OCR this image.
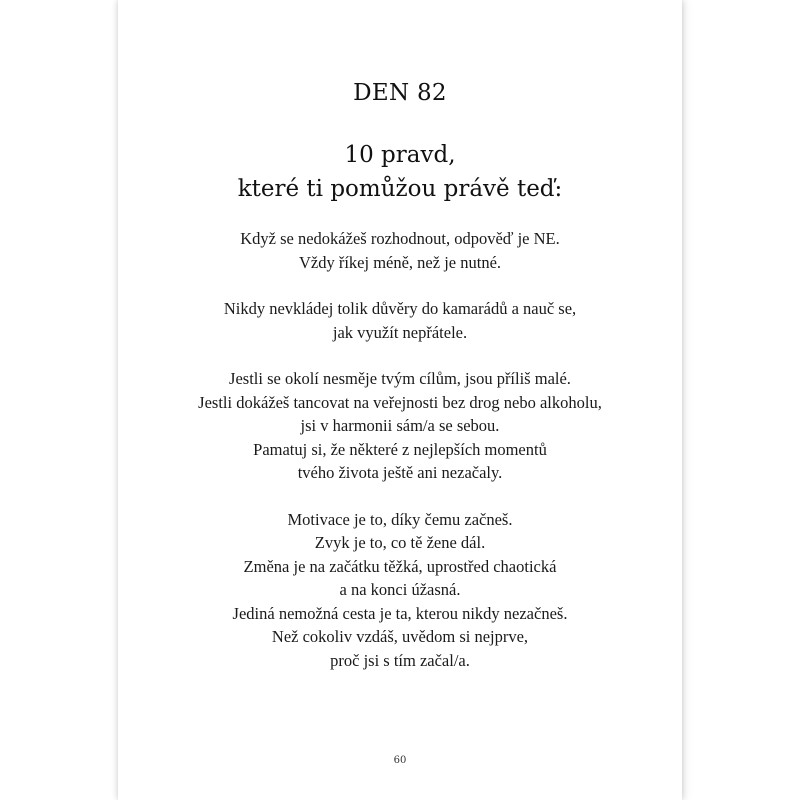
DEN 82
10 pravd,
které ti pomůžou právě teď:

Když se nedokážeš rozhodnout, odpověď je NE.
Vždy říkej méně, než je nutné.

Nikdy nevkládej tolik důvěry do kamarádů a nauč se,
jak využít nepřátele.

Jestli se okolí nesměje tvým cílům, jsou příliš malé.
Jestli dokážeš tancovat na veřejnosti bez drog nebo alkoholu,
jsi v harmonii sám/a se sebou.
Pamatuj si, že některé z nejlepších momentů
tvého života ještě ani nezačaly.

Motivace je to, díky čemu začneš.
Zvyk je to, co tě žene dál.
Změna je na začátku těžká, uprostřed chaotická
a na konci úžasná.
Jediná nemožná cesta je ta, kterou nikdy nezačneš.
Než cokoliv vzdáš, uvědom si nejprve,
proč jsi s tím začal/a.

60
